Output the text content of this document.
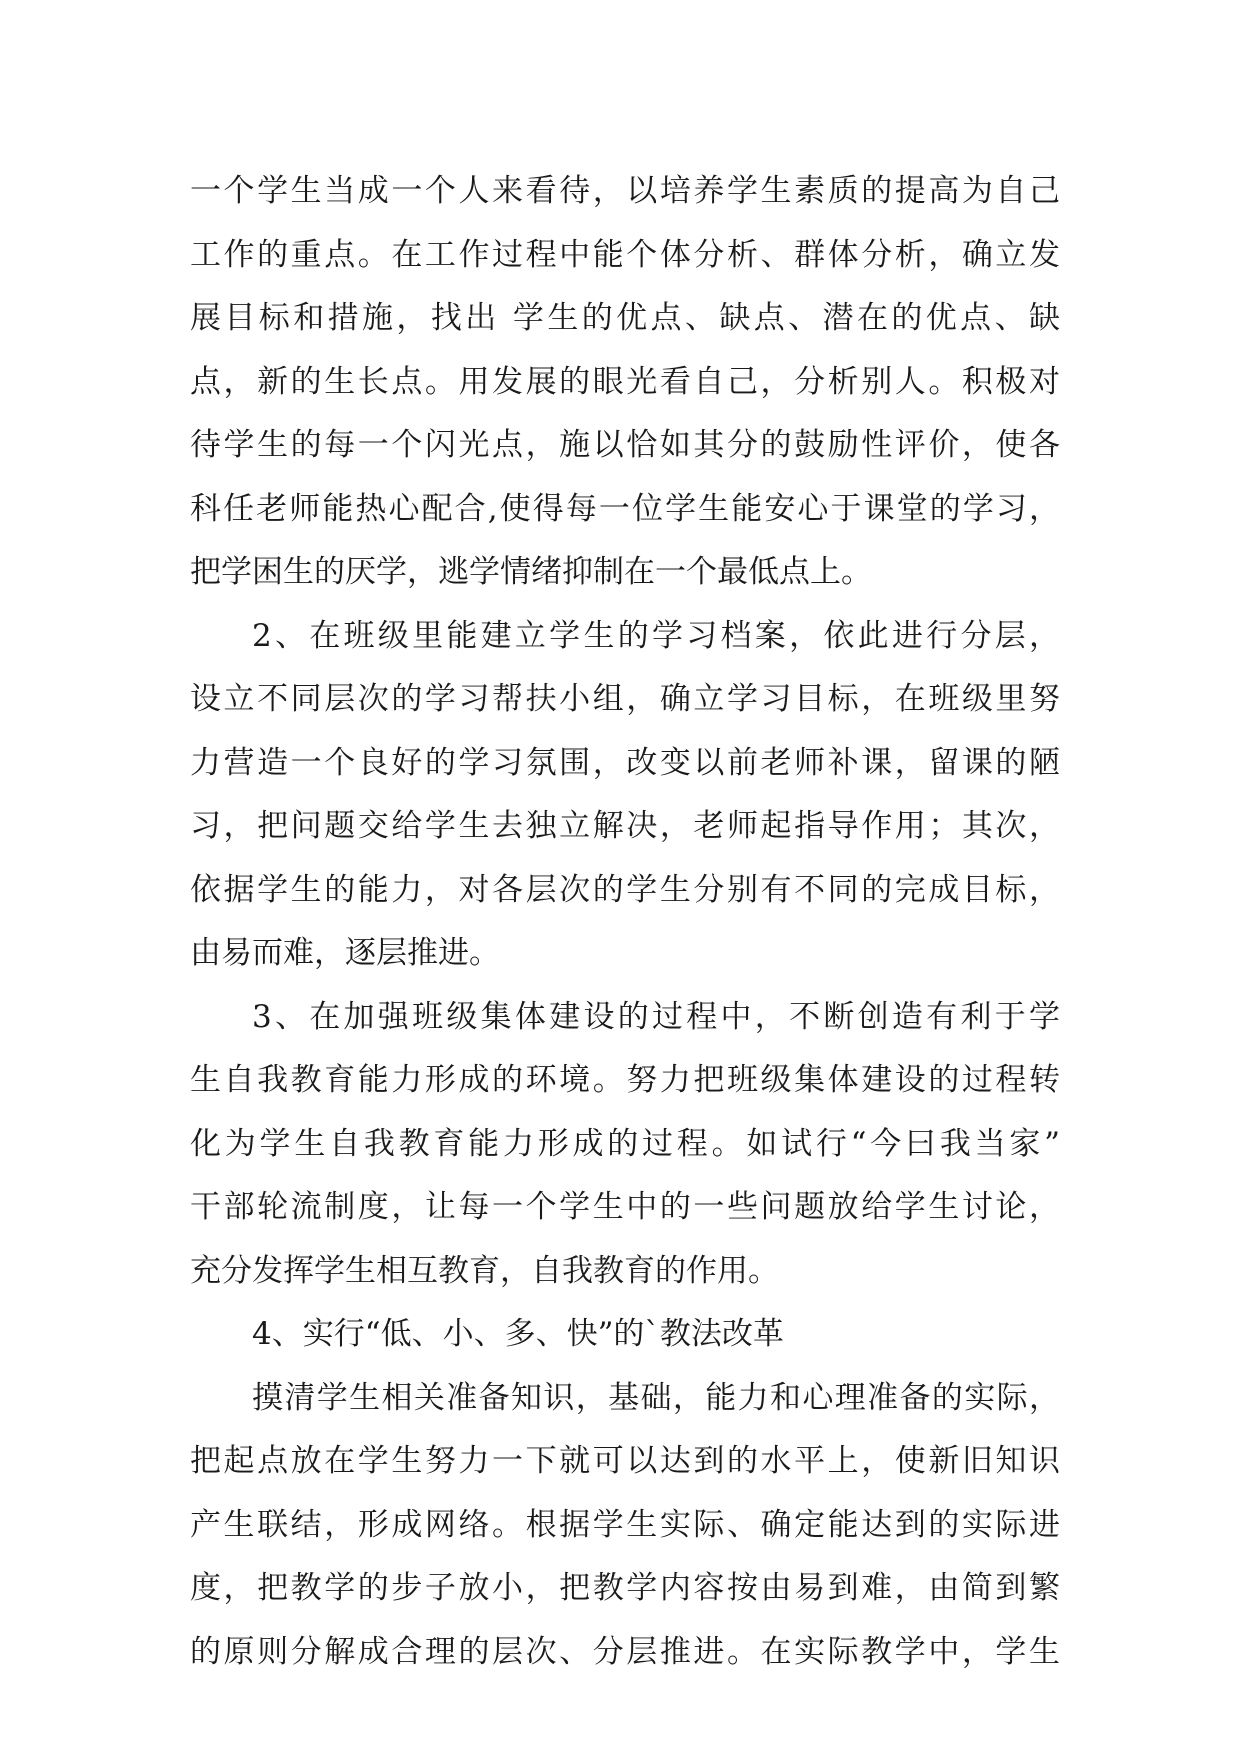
一个学生当成一个人来看待，以培养学生素质的提高为自己
工作的重点。在工作过程中能个体分析、群体分析，确立发
展目标和措施，找出 学生的优点、缺点、潜在的优点、缺
点，新的生长点。用发展的眼光看自己，分析别人。积极对
待学生的每一个闪光点，施以恰如其分的鼓励性评价，使各
科任老师能热心配合,使得每一位学生能安心于课堂的学习，
把学困生的厌学，逃学情绪抑制在一个最低点上。
2、在班级里能建立学生的学习档案，依此进行分层，
设立不同层次的学习帮扶小组，确立学习目标，在班级里努
力营造一个良好的学习氛围，改变以前老师补课，留课的陋
习，把问题交给学生去独立解决，老师起指导作用；其次，
依据学生的能力，对各层次的学生分别有不同的完成目标，
由易而难，逐层推进。
3、在加强班级集体建设的过程中，不断创造有利于学
生自我教育能力形成的环境。努力把班级集体建设的过程转
化为学生自我教育能力形成的过程。如试行“今曰我当家”
干部轮流制度，让每一个学生中的一些问题放给学生讨论，
充分发挥学生相互教育，自我教育的作用。
4、实行“低、小、多、快”的`教法改革
摸清学生相关准备知识，基础，能力和心理准备的实际，
把起点放在学生努力一下就可以达到的水平上，使新旧知识
产生联结，形成网络。根据学生实际、确定能达到的实际进
度，把教学的步子放小，把教学内容按由易到难，由简到繁
的原则分解成合理的层次、分层推进。在实际教学中，学生
